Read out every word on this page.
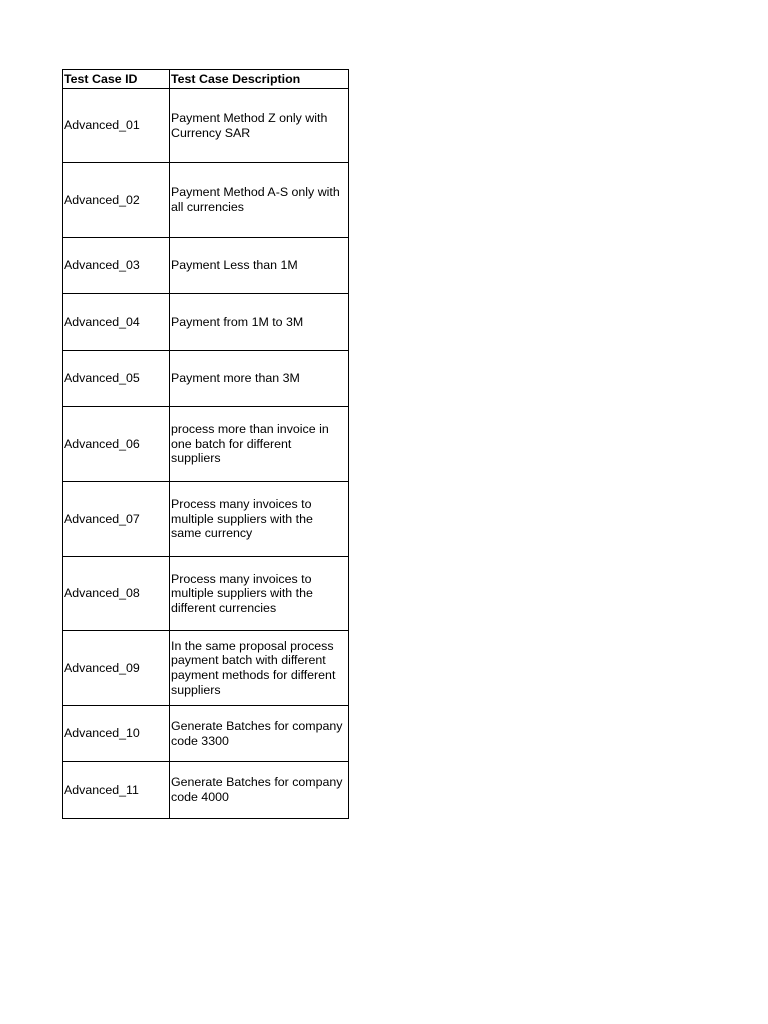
Test Case ID	Test Case Description
Advanced_01	Payment Method Z only with
Currency SAR

Advanced_02	Payment Method A-S only with
all currencies

Advanced_03	Payment Less than 1M

Advanced_04	Payment from 1M to 3M

Advanced_05	Payment more than 3M

Advanced_06	process more than invoice in
one batch for different
suppliers

Advanced_07	Process many invoices to
multiple suppliers with the
same currency

Advanced_08	Process many invoices to
multiple suppliers with the
different currencies

Advanced_09	In the same proposal process
payment batch with different
payment methods for different
suppliers

Advanced_10	Generate Batches for company
code 3300

Advanced_11	Generate Batches for company
code 4000
